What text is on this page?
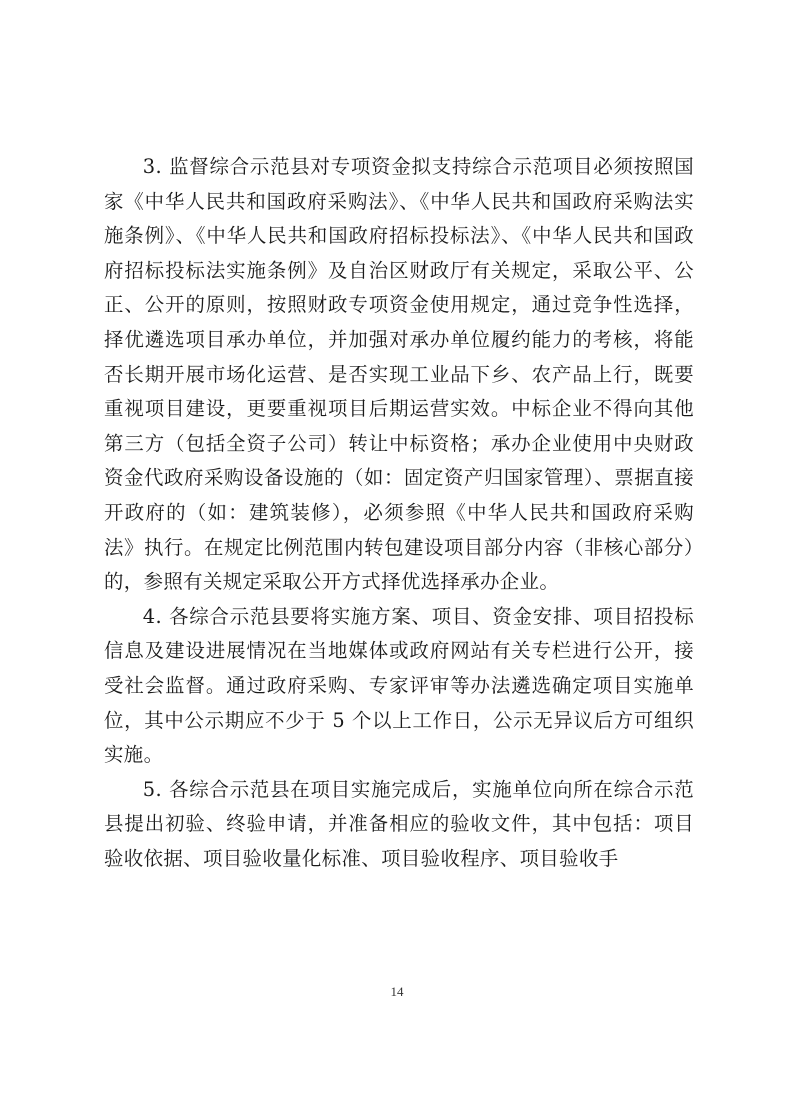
3. 监督综合示范县对专项资金拟支持综合示范项目必须按照国家《中华人民共和国政府采购法》、《中华人民共和国政府采购法实施条例》、《中华人民共和国政府招标投标法》、《中华人民共和国政府招标投标法实施条例》及自治区财政厅有关规定，采取公平、公正、公开的原则，按照财政专项资金使用规定，通过竞争性选择，择优遴选项目承办单位，并加强对承办单位履约能力的考核，将能否长期开展市场化运营、是否实现工业品下乡、农产品上行，既要重视项目建设，更要重视项目后期运营实效。中标企业不得向其他第三方（包括全资子公司）转让中标资格；承办企业使用中央财政资金代政府采购设备设施的（如：固定资产归国家管理）、票据直接开政府的（如：建筑装修），必须参照《中华人民共和国政府采购法》执行。在规定比例范围内转包建设项目部分内容（非核心部分）的，参照有关规定采取公开方式择优选择承办企业。

4. 各综合示范县要将实施方案、项目、资金安排、项目招投标信息及建设进展情况在当地媒体或政府网站有关专栏进行公开，接受社会监督。通过政府采购、专家评审等办法遴选确定项目实施单位，其中公示期应不少于 5 个以上工作日，公示无异议后方可组织实施。

5. 各综合示范县在项目实施完成后，实施单位向所在综合示范县提出初验、终验申请，并准备相应的验收文件，其中包括：项目验收依据、项目验收量化标准、项目验收程序、项目验收手

14
